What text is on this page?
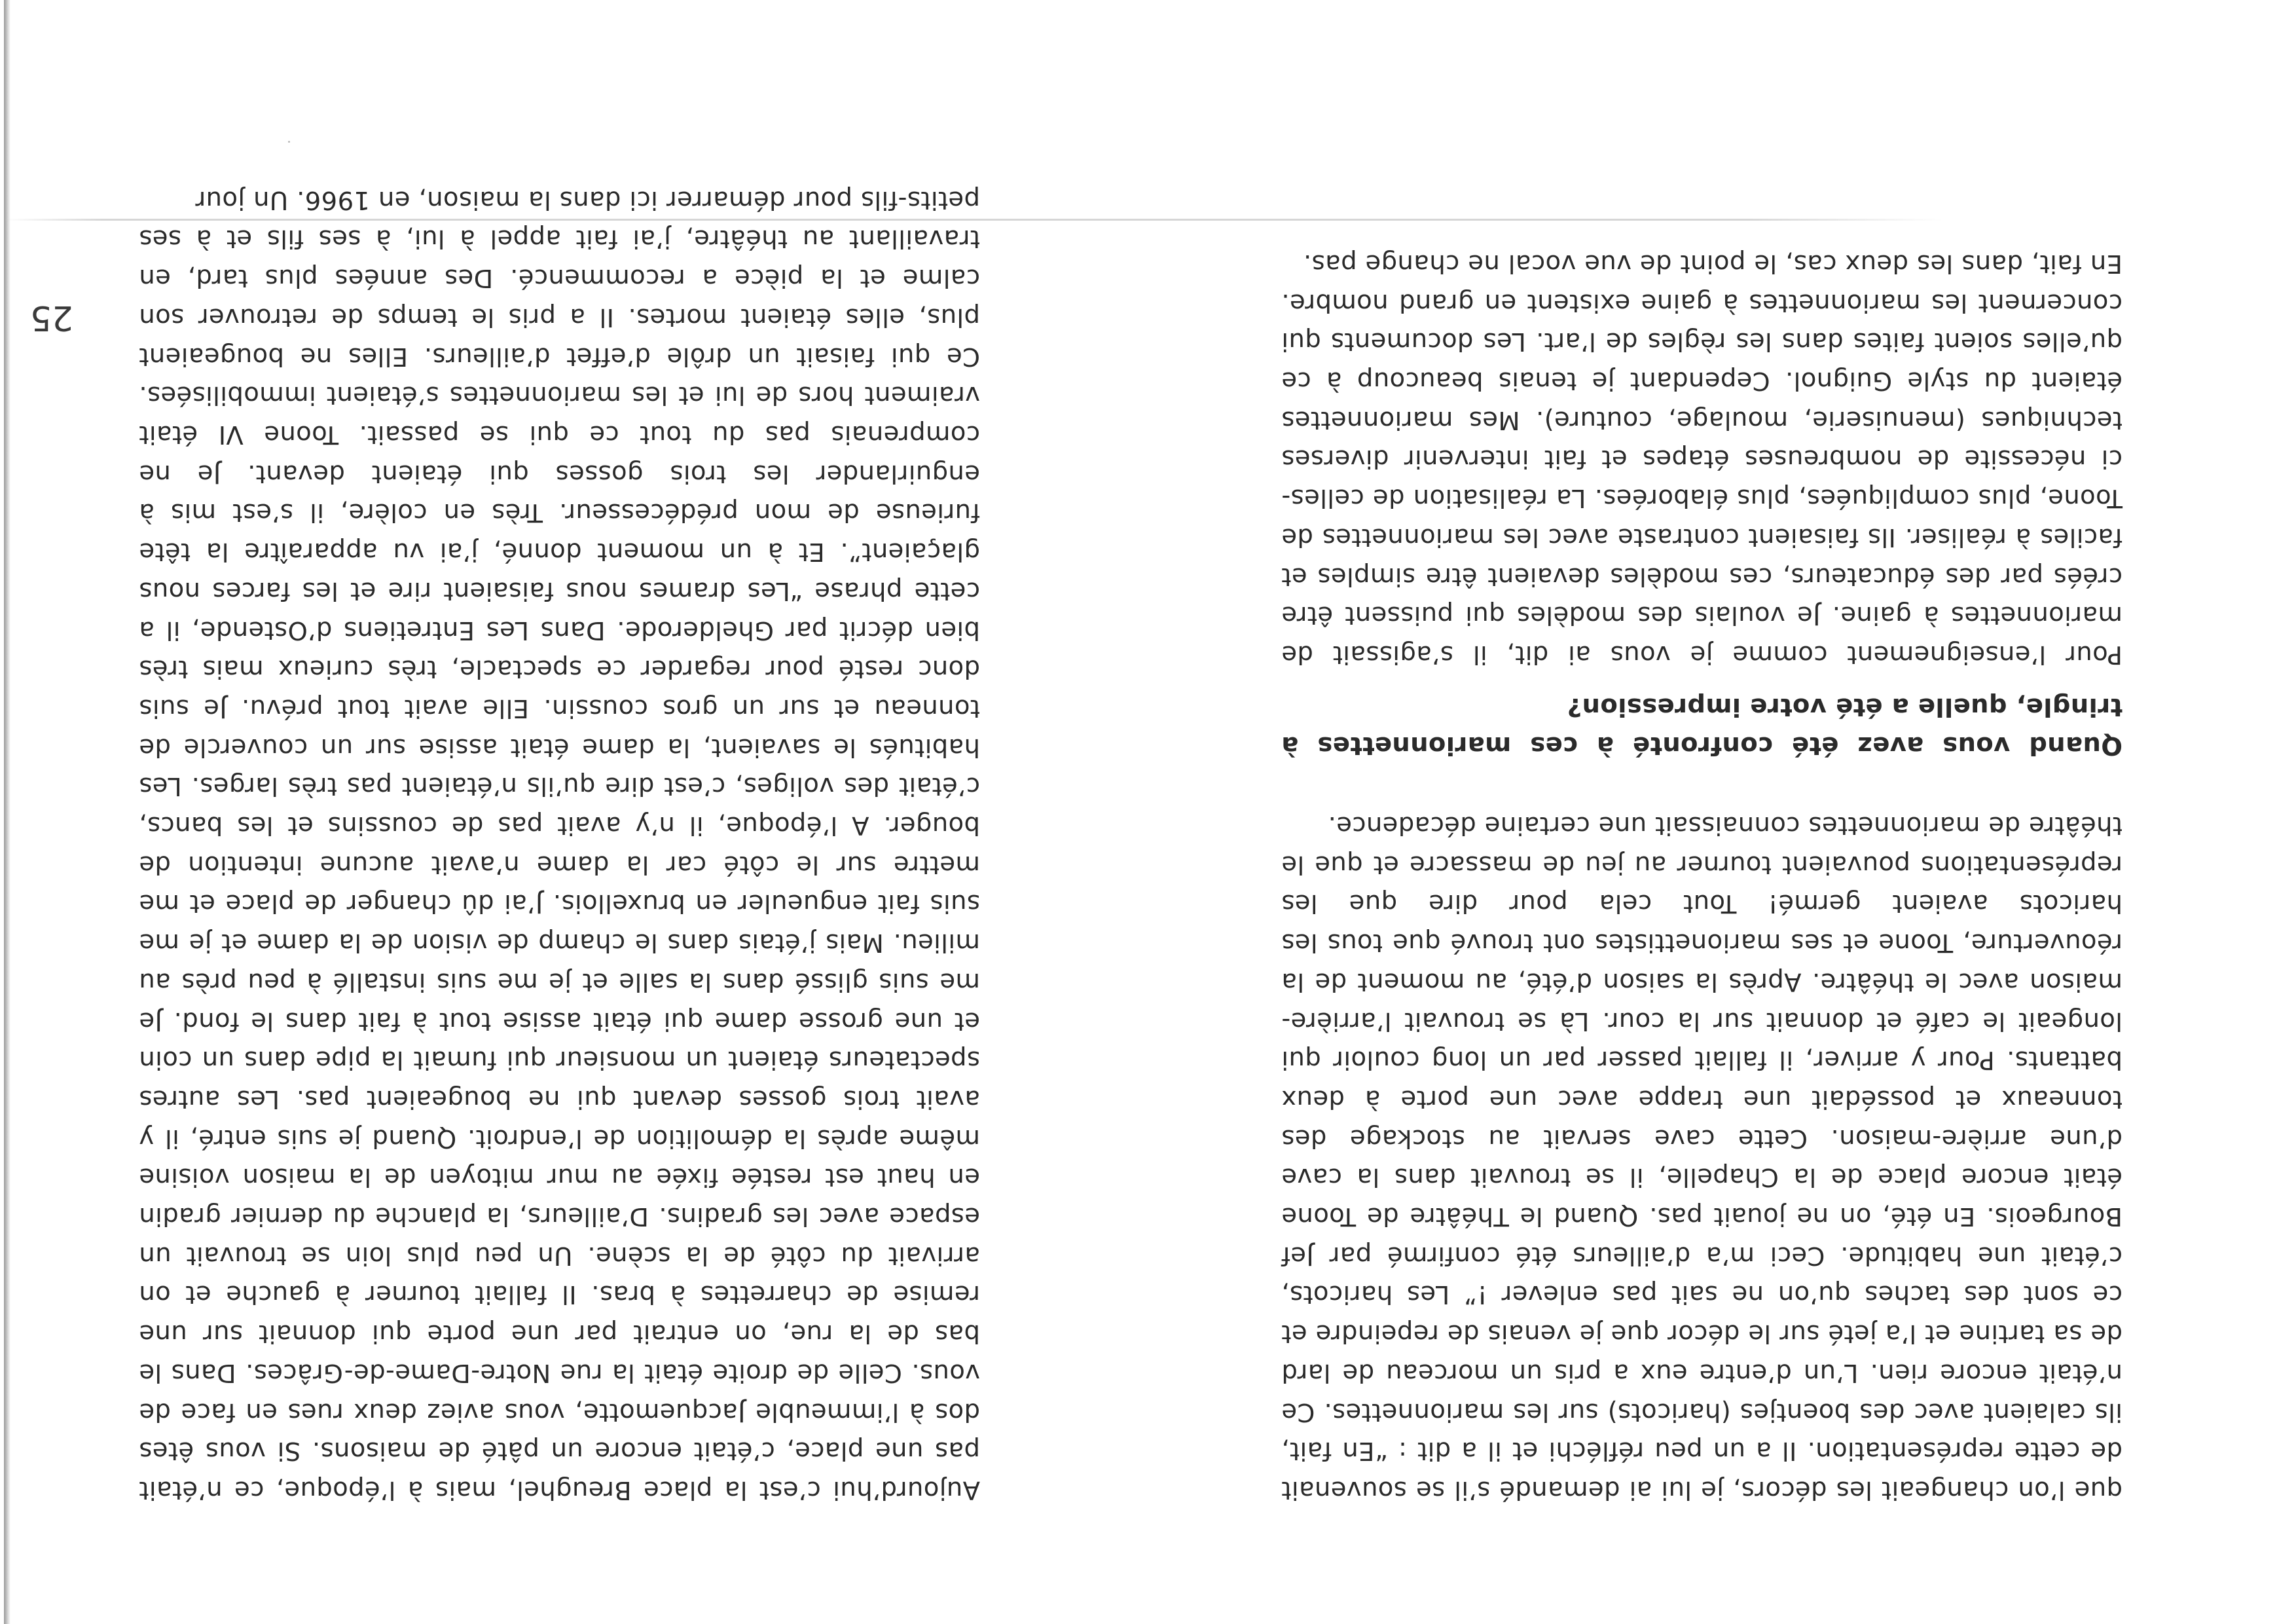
Aujourd’hui c’est la place Breughel, mais à l’époque, ce n’était pas une place, c’était encore un pâté de maisons. Si vous êtes dos à l’immeuble Jacquemotte, vous aviez deux rues en face de vous. Celle de droite était la rue Notre-Dame-de-Grâces. Dans le bas de la rue, on entrait par une porte qui donnait sur une remise de charrettes à bras. Il fallait tourner à gauche et on arrivait du côté de la scène. Un peu plus loin se trouvait un espace avec les gradins. D’ailleurs, la planche du dernier gradin en haut est restée fixée au mur mitoyen de la maison voisine même après la démolition de l’endroit. Quand je suis entré, il y avait trois gosses devant qui ne bougeaient pas. Les autres spectateurs étaient un monsieur qui fumait la pipe dans un coin et une grosse dame qui était assise tout à fait dans le fond. Je me suis glissé dans la salle et je me suis installé à peu près au milieu. Mais j’étais dans le champ de vision de la dame et je me suis fait engueuler en bruxellois. J’ai dû changer de place et me mettre sur le côté car la dame n’avait aucune intention de bouger. A l’époque, il n’y avait pas de coussins et les bancs, c’était des voliges, c’est dire qu’ils n’étaient pas très larges. Les habitués le savaient, la dame était assise sur un couvercle de tonneau et sur un gros coussin. Elle avait tout prévu. Je suis donc resté pour regarder ce spectacle, très curieux mais très bien décrit par Ghelderode. Dans Les Entretiens d’Ostende, il a cette phrase “Les drames nous faisaient rire et les farces nous glaçaient”. Et à un moment donné, j’ai vu apparaître la tête furieuse de mon prédécesseur. Très en colère, il s’est mis à enguirlander les trois gosses qui étaient devant. Je ne comprenais pas du tout ce qui se passait. Toone VI était vraiment hors de lui et les marionnettes s’étaient immobilisées. Ce qui faisait un drôle d’effet d’ailleurs. Elles ne bougeaient plus, elles étaient mortes. Il a pris le temps de retrouver son calme et la pièce a recommencé. Des années plus tard, en travaillant au théâtre, j’ai fait appel à lui, à ses fils et à ses petits-fils pour démarrer ici dans la maison, en 1966. Un jour

que l’on changeait les décors, je lui ai demandé s’il se souvenait de cette représentation. Il a un peu réfléchi et il a dit : “En fait, ils calaient avec des boentjes (haricots) sur les marionnettes. Ce n’était encore rien. L’un d’entre eux a pris un morceau de lard de sa tartine et l’a jeté sur le décor que je venais de repeindre et ce sont des taches qu’on ne sait pas enlever !” Les haricots, c’était une habitude. Ceci m’a d’ailleurs été confirmé par Jef Bourgeois. En été, on ne jouait pas. Quand le Théâtre de Toone était encore place de la Chapelle, il se trouvait dans la cave d’une arrière-maison. Cette cave servait au stockage des tonneaux et possédait une trappe avec une porte à deux battants. Pour y arriver, il fallait passer par un long couloir qui longeait le café et donnait sur la cour. Là se trouvait l’arrière-maison avec le théâtre. Après la saison d’été, au moment de la réouverture, Toone et ses marionettistes ont trouvé que tous les haricots avaient germé! Tout cela pour dire que les représentations pouvaient tourner au jeu de massacre et que le théâtre de marionnettes connaissait une certaine décadence.

Quand vous avez été confronté à ces marionnettes à tringle, quelle a été votre impression?

Pour l’enseignement comme je vous ai dit, il s’agissait de marionnettes à gaine. Je voulais des modèles qui puissent être créés par des éducateurs, ces modèles devaient être simples et faciles à réaliser. Ils faisaient contraste avec les marionnettes de Toone, plus compliquées, plus élaborées. La réalisation de celles-ci nécessite de nombreuses étapes et fait intervenir diverses techniques (menuiserie, moulage, couture). Mes marionnettes étaient du style Guignol. Cependant je tenais beaucoup à ce qu’elles soient faites dans les règles de l’art. Les documents qui concernent les marionnettes à gaine existent en grand nombre. En fait, dans les deux cas, le point de vue vocal ne change pas.

25
